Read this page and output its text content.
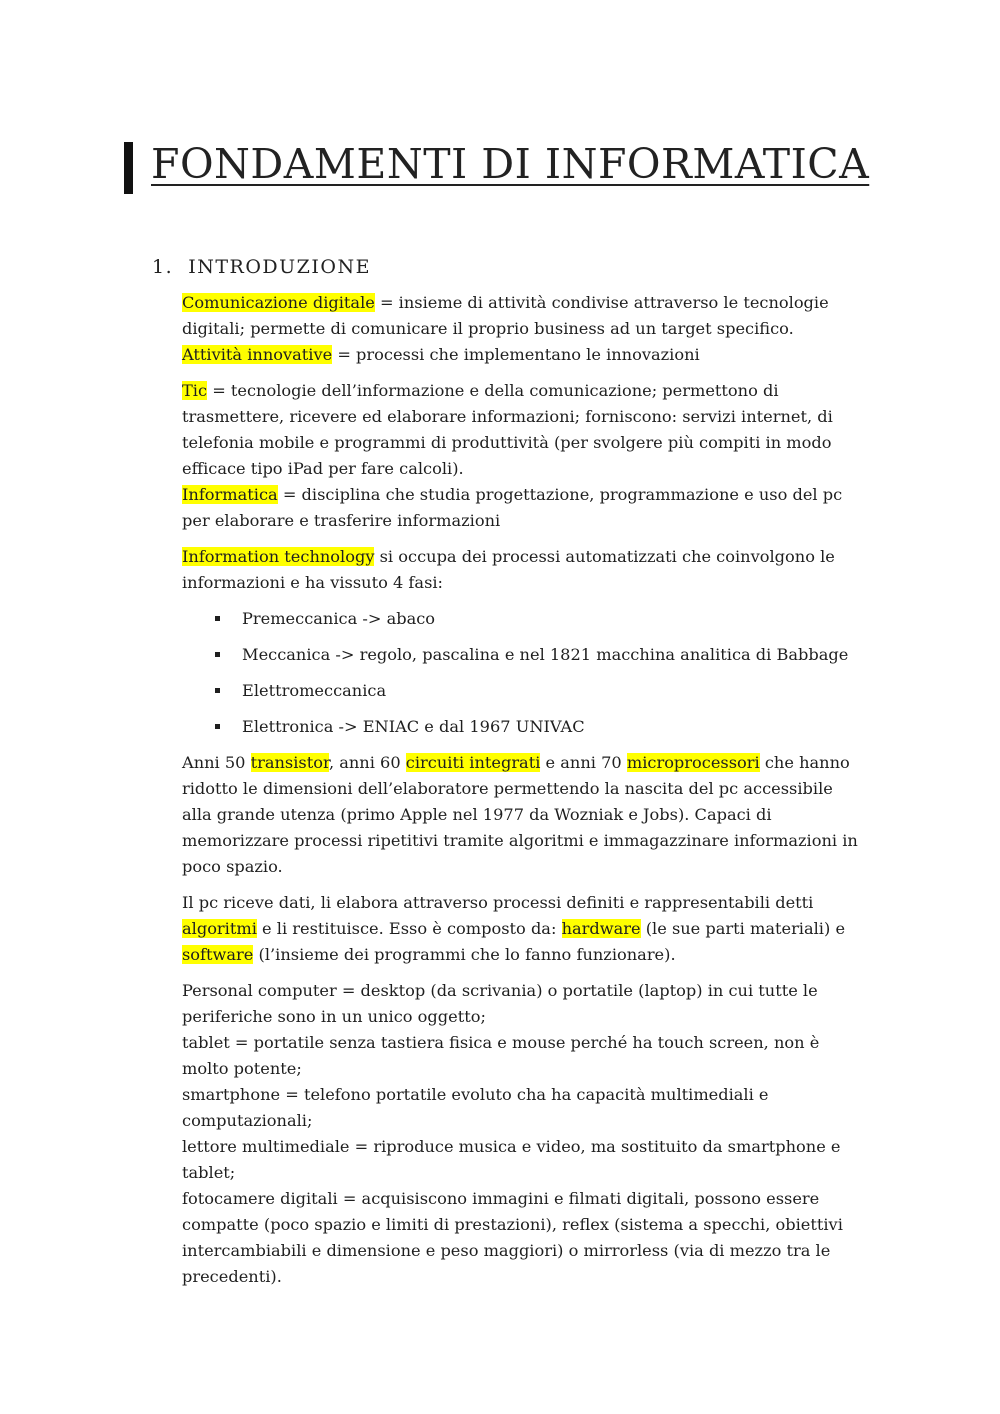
FONDAMENTI DI INFORMATICA
1. INTRODUZIONE

Comunicazione digitale = insieme di attività condivise attraverso le tecnologie digitali; permette di comunicare il proprio business ad un target specifico.

Attività innovative = processi che implementano le innovazioni

Tic = tecnologie dell’informazione e della comunicazione; permettono di trasmettere, ricevere ed elaborare informazioni; forniscono: servizi internet, di telefonia mobile e programmi di produttività (per svolgere più compiti in modo efficace tipo iPad per fare calcoli).

Informatica = disciplina che studia progettazione, programmazione e uso del pc per elaborare e trasferire informazioni

Information technology si occupa dei processi automatizzati che coinvolgono le informazioni e ha vissuto 4 fasi:

Premeccanica -> abaco
Meccanica -> regolo, pascalina e nel 1821 macchina analitica di Babbage
Elettromeccanica
Elettronica -> ENIAC e dal 1967 UNIVAC

Anni 50 transistor, anni 60 circuiti integrati e anni 70 microprocessori che hanno ridotto le dimensioni dell’elaboratore permettendo la nascita del pc accessibile alla grande utenza (primo Apple nel 1977 da Wozniak e Jobs). Capaci di memorizzare processi ripetitivi tramite algoritmi e immagazzinare informazioni in poco spazio.

Il pc riceve dati, li elabora attraverso processi definiti e rappresentabili detti algoritmi e li restituisce. Esso è composto da: hardware (le sue parti materiali) e software (l’insieme dei programmi che lo fanno funzionare).

Personal computer = desktop (da scrivania) o portatile (laptop) in cui tutte le periferiche sono in un unico oggetto;

tablet = portatile senza tastiera fisica e mouse perché ha touch screen, non è molto potente;

smartphone = telefono portatile evoluto cha ha capacità multimediali e computazionali;

lettore multimediale = riproduce musica e video, ma sostituito da smartphone e tablet;

fotocamere digitali = acquisiscono immagini e filmati digitali, possono essere compatte (poco spazio e limiti di prestazioni), reflex (sistema a specchi, obiettivi intercambiabili e dimensione e peso maggiori) o mirrorless (via di mezzo tra le precedenti).
